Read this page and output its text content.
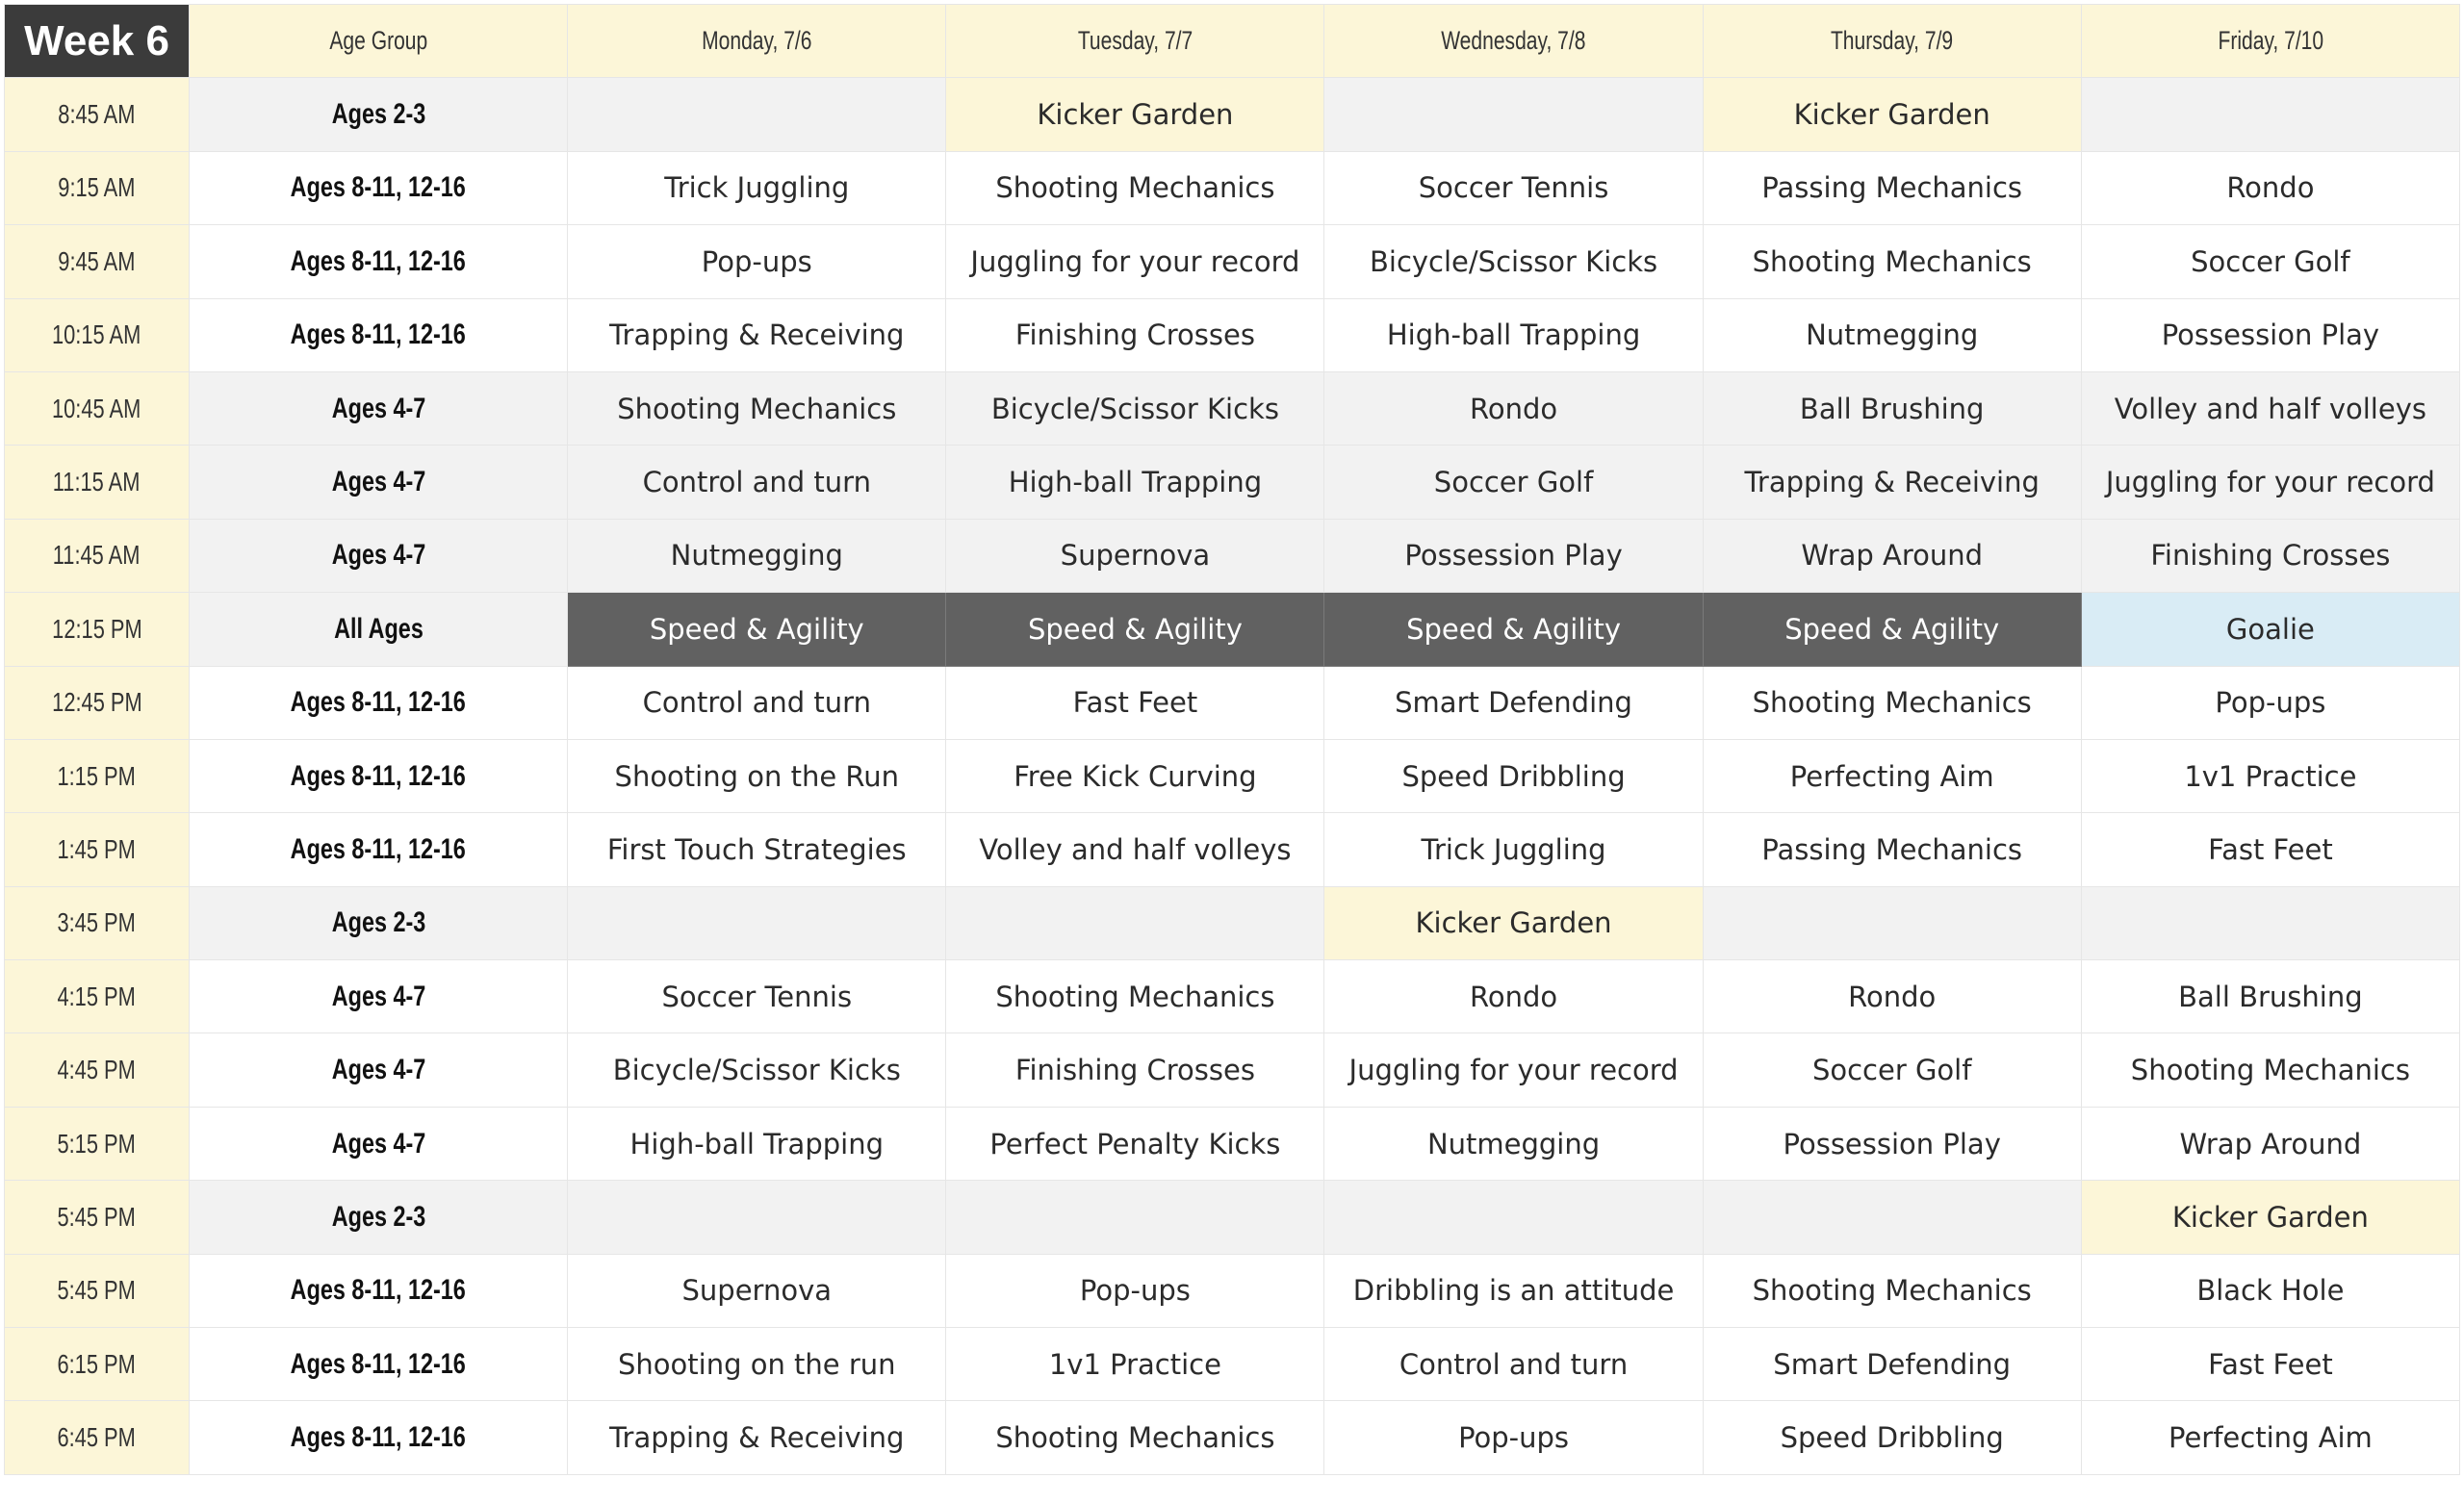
Week 6	Age Group	Monday, 7/6	Tuesday, 7/7	Wednesday, 7/8	Thursday, 7/9	Friday, 7/10
8:45 AM	Ages 2-3		Kicker Garden		Kicker Garden	
9:15 AM	Ages 8-11, 12-16	Trick Juggling	Shooting Mechanics	Soccer Tennis	Passing Mechanics	Rondo
9:45 AM	Ages 8-11, 12-16	Pop-ups	Juggling for your record	Bicycle/Scissor Kicks	Shooting Mechanics	Soccer Golf
10:15 AM	Ages 8-11, 12-16	Trapping & Receiving	Finishing Crosses	High-ball Trapping	Nutmegging	Possession Play
10:45 AM	Ages 4-7	Shooting Mechanics	Bicycle/Scissor Kicks	Rondo	Ball Brushing	Volley and half volleys
11:15 AM	Ages 4-7	Control and turn	High-ball Trapping	Soccer Golf	Trapping & Receiving	Juggling for your record
11:45 AM	Ages 4-7	Nutmegging	Supernova	Possession Play	Wrap Around	Finishing Crosses
12:15 PM	All Ages	Speed & Agility	Speed & Agility	Speed & Agility	Speed & Agility	Goalie
12:45 PM	Ages 8-11, 12-16	Control and turn	Fast Feet	Smart Defending	Shooting Mechanics	Pop-ups
1:15 PM	Ages 8-11, 12-16	Shooting on the Run	Free Kick Curving	Speed Dribbling	Perfecting Aim	1v1 Practice
1:45 PM	Ages 8-11, 12-16	First Touch Strategies	Volley and half volleys	Trick Juggling	Passing Mechanics	Fast Feet
3:45 PM	Ages 2-3			Kicker Garden		
4:15 PM	Ages 4-7	Soccer Tennis	Shooting Mechanics	Rondo	Rondo	Ball Brushing
4:45 PM	Ages 4-7	Bicycle/Scissor Kicks	Finishing Crosses	Juggling for your record	Soccer Golf	Shooting Mechanics
5:15 PM	Ages 4-7	High-ball Trapping	Perfect Penalty Kicks	Nutmegging	Possession Play	Wrap Around
5:45 PM	Ages 2-3					Kicker Garden
5:45 PM	Ages 8-11, 12-16	Supernova	Pop-ups	Dribbling is an attitude	Shooting Mechanics	Black Hole
6:15 PM	Ages 8-11, 12-16	Shooting on the run	1v1 Practice	Control and turn	Smart Defending	Fast Feet
6:45 PM	Ages 8-11, 12-16	Trapping & Receiving	Shooting Mechanics	Pop-ups	Speed Dribbling	Perfecting Aim
